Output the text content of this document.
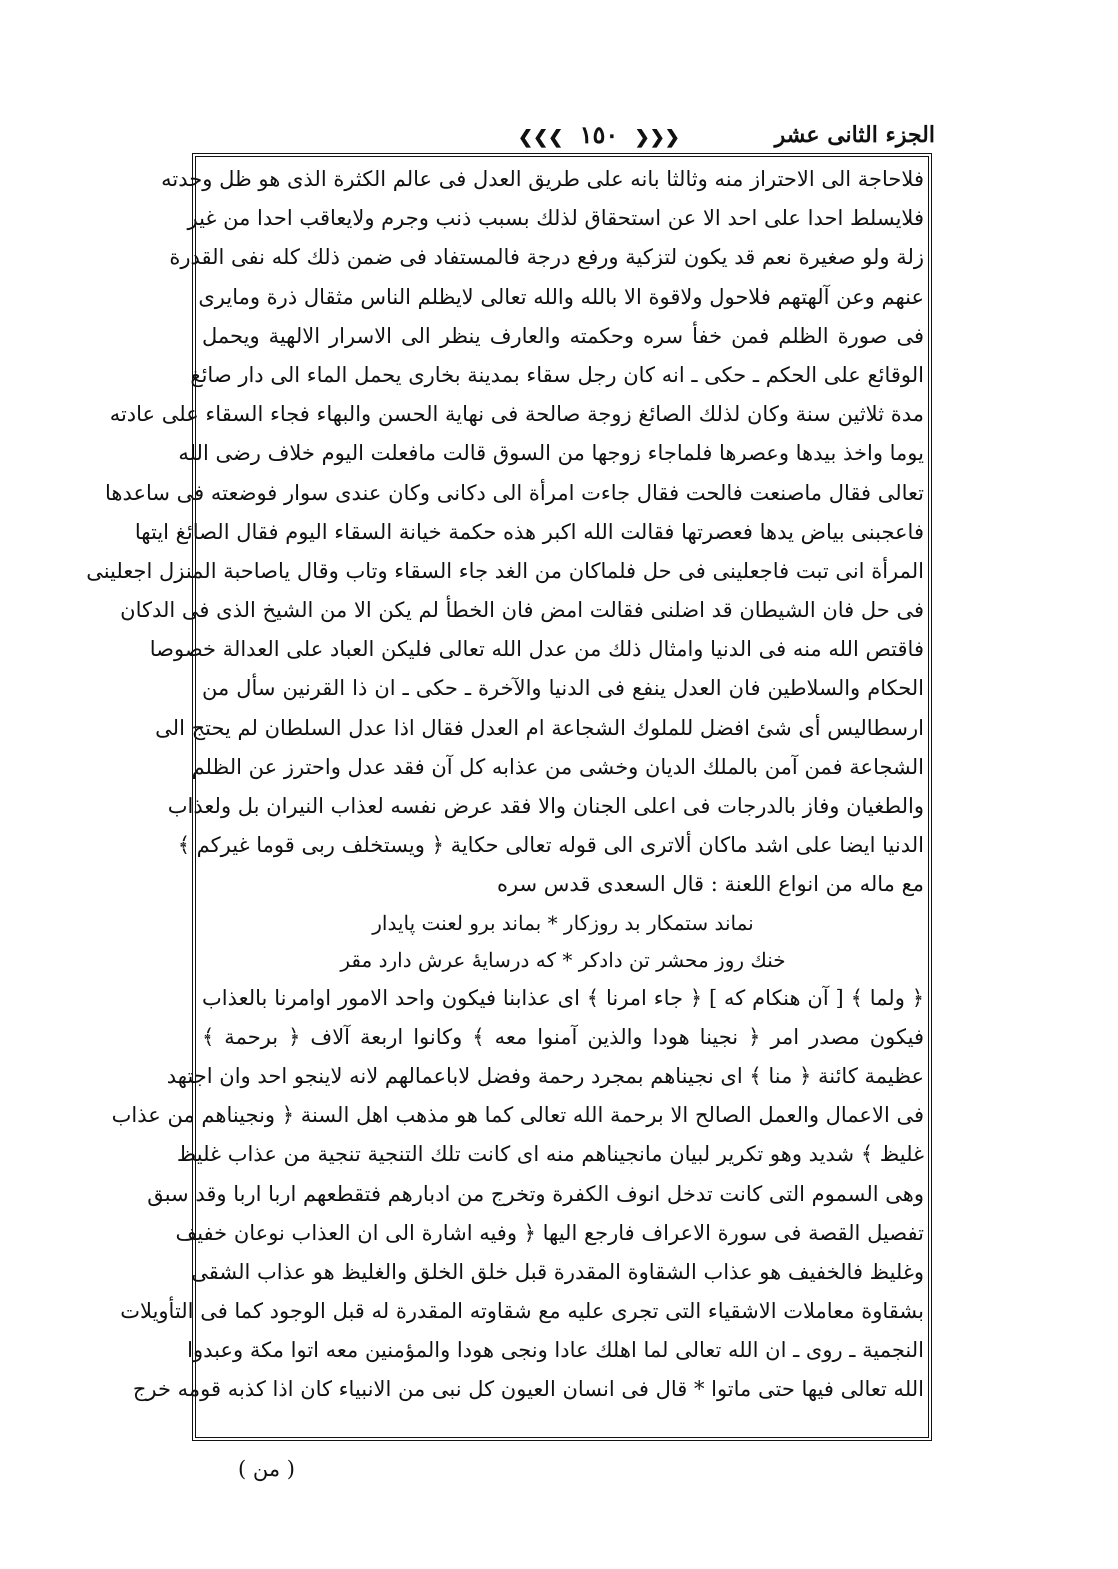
الجزء الثانى عشر
❮❮❮ ١٥٠ ❯❯❯
فلاحاجة الى الاحتراز منه وثالثا بانه على طريق العدل فى عالم الكثرة الذى هو ظل وحدته
فلايسلط احدا على احد الا عن استحقاق لذلك بسبب ذنب وجرم ولايعاقب احدا من غير
زلة ولو صغيرة نعم قد يكون لتزكية ورفع درجة فالمستفاد فى ضمن ذلك كله نفى القدرة
عنهم وعن آلهتهم فلاحول ولاقوة الا بالله والله تعالى لايظلم الناس مثقال ذرة ومايرى
فى صورة الظلم فمن خفأ سره وحكمته والعارف ينظر الى الاسرار الالهية ويحمل
الوقائع على الحكم ـ حكى ـ انه كان رجل سقاء بمدينة بخارى يحمل الماء الى دار صائغ
مدة ثلاثين سنة وكان لذلك الصائغ زوجة صالحة فى نهاية الحسن والبهاء فجاء السقاء على عادته
يوما واخذ بيدها وعصرها فلماجاء زوجها من السوق قالت مافعلت اليوم خلاف رضى الله
تعالى فقال ماصنعت فالحت فقال جاءت امرأة الى دكانى وكان عندى سوار فوضعته فى ساعدها
فاعجبنى بياض يدها فعصرتها فقالت الله اكبر هذه حكمة خيانة السقاء اليوم فقال الصائغ ايتها
المرأة انى تبت فاجعلينى فى حل فلماكان من الغد جاء السقاء وتاب وقال ياصاحبة المنزل اجعلينى
فى حل فان الشيطان قد اضلنى فقالت امض فان الخطأ لم يكن الا من الشيخ الذى فى الدكان
فاقتص الله منه فى الدنيا وامثال ذلك من عدل الله تعالى فليكن العباد على العدالة خصوصا
الحكام والسلاطين فان العدل ينفع فى الدنيا والآخرة ـ حكى ـ ان ذا القرنين سأل من
ارسطاليس أى شئ افضل للملوك الشجاعة ام العدل فقال اذا عدل السلطان لم يحتج الى
الشجاعة فمن آمن بالملك الديان وخشى من عذابه كل آن فقد عدل واحترز عن الظلم
والطغيان وفاز بالدرجات فى اعلى الجنان والا فقد عرض نفسه لعذاب النيران بل ولعذاب
الدنيا ايضا على اشد ماكان ألاترى الى قوله تعالى حكاية ﴿ ويستخلف ربى قوما غيركم ﴾
مع ماله من انواع اللعنة : قال السعدى قدس سره
نماند ستمكار بد روزكار * بماند برو لعنت پايدار
خنك روز محشر تن دادكر * كه درسايهٔ عرش دارد مقر
﴿ ولما ﴾ [ آن هنكام كه ] ﴿ جاء امرنا ﴾ اى عذابنا فيكون واحد الامور اوامرنا بالعذاب
فيكون مصدر امر ﴿ نجينا هودا والذين آمنوا معه ﴾ وكانوا اربعة آلاف ﴿ برحمة ﴾
عظيمة كائنة ﴿ منا ﴾ اى نجيناهم بمجرد رحمة وفضل لاباعمالهم لانه لاينجو احد وان اجتهد
فى الاعمال والعمل الصالح الا برحمة الله تعالى كما هو مذهب اهل السنة ﴿ ونجيناهم من عذاب
غليظ ﴾ شديد وهو تكرير لبيان مانجيناهم منه اى كانت تلك التنجية تنجية من عذاب غليظ
وهى السموم التى كانت تدخل انوف الكفرة وتخرج من ادبارهم فتقطعهم اربا اربا وقد سبق
تفصيل القصة فى سورة الاعراف فارجع اليها ﴿ وفيه اشارة الى ان العذاب نوعان خفيف
وغليظ فالخفيف هو عذاب الشقاوة المقدرة قبل خلق الخلق والغليظ هو عذاب الشقى
بشقاوة معاملات الاشقياء التى تجرى عليه مع شقاوته المقدرة له قبل الوجود كما فى التأويلات
النجمية ـ روى ـ ان الله تعالى لما اهلك عادا ونجى هودا والمؤمنين معه اتوا مكة وعبدوا
الله تعالى فيها حتى ماتوا * قال فى انسان العيون كل نبى من الانبياء كان اذا كذبه قومه خرج
( من )
